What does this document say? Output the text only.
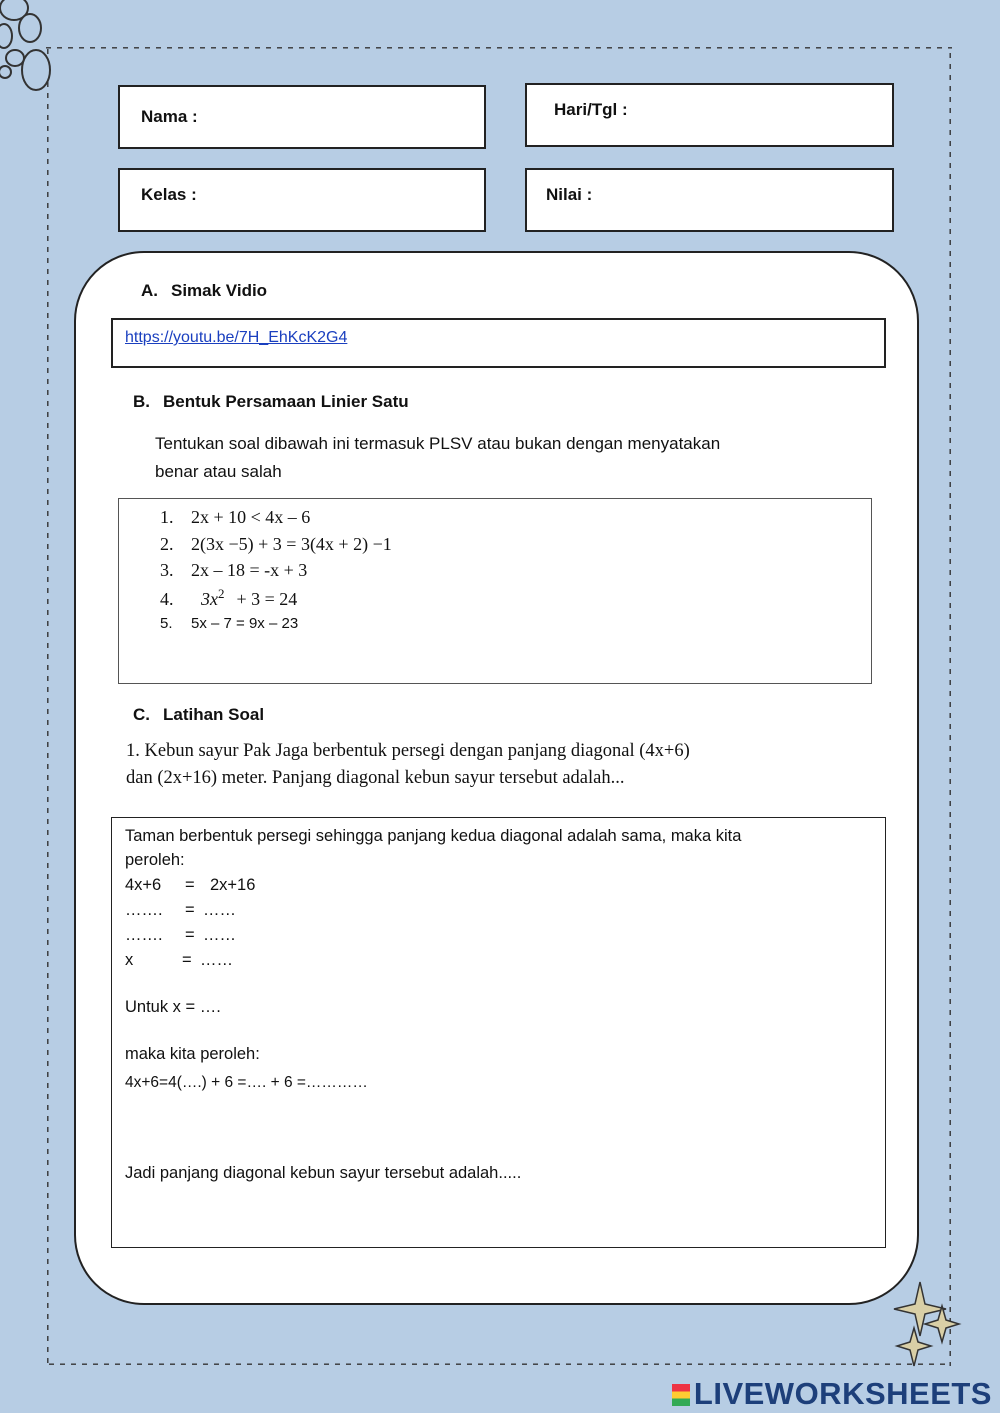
Nama :	Hari/Tgl :
Kelas :	Nilai :
A. Simak Vidio
https://youtu.be/7H_EhKcK2G4
B. Bentuk Persamaan Linier Satu
Tentukan soal dibawah ini termasuk PLSV atau bukan dengan menyatakan
benar atau salah
1. 2x + 10 < 4x – 6
2. 2(3x −5) + 3 = 3(4x + 2) −1
3. 2x – 18 = -x + 3
4. $3x^2 + 3 = 24$
5. 5x – 7 = 9x – 23
C. Latihan Soal
1. Kebun sayur Pak Jaga berbentuk persegi dengan panjang diagonal (4x+6)
dan (2x+16) meter. Panjang diagonal kebun sayur tersebut adalah...
Taman berbentuk persegi sehingga panjang kedua diagonal adalah sama, maka kita
peroleh:
4x+6 = 2x+16
……. = ……
……. = ……
x	= ……
Untuk x = ….
maka kita peroleh:
4x+6=4(….) + 6 =…. + 6 =…………
Jadi panjang diagonal kebun sayur tersebut adalah.....
LIVEWORKSHEETS
